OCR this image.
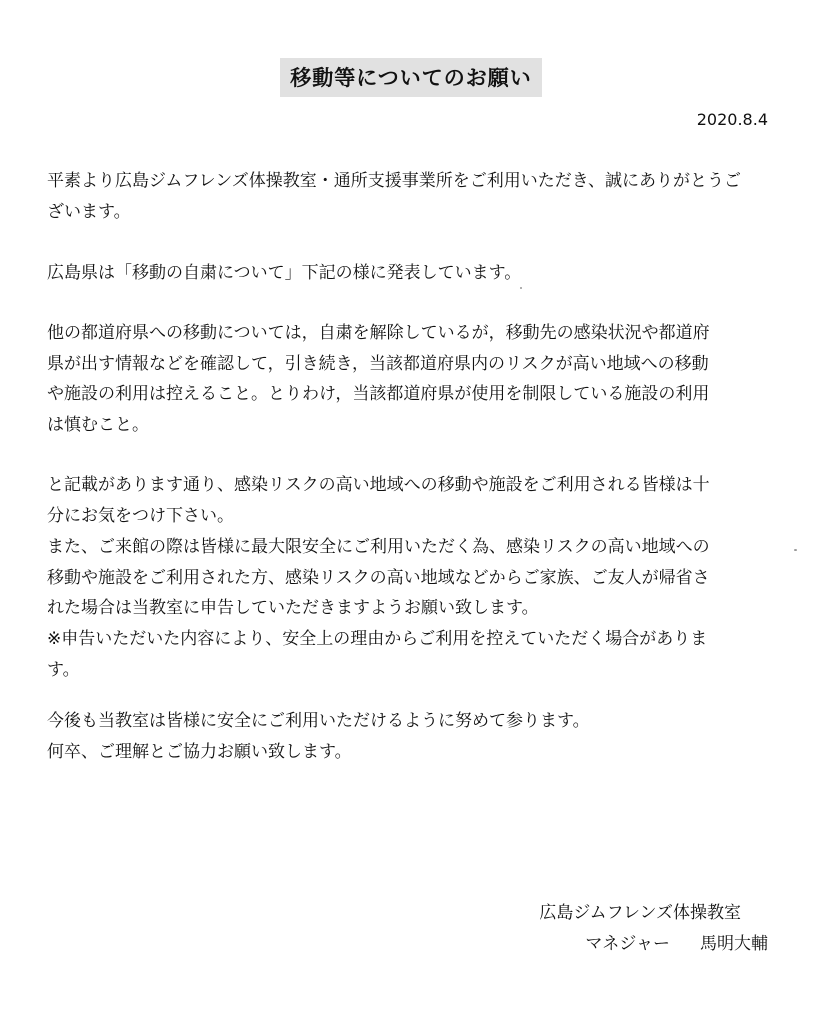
移動等についてのお願い
2020.8.4

平素より広島ジムフレンズ体操教室・通所支援事業所をご利用いただき、誠にありがとうご
ざいます。

広島県は「移動の自粛について」下記の様に発表しています。

他の都道府県への移動については，自粛を解除しているが，移動先の感染状況や都道府
県が出す情報などを確認して，引き続き，当該都道府県内のリスクが高い地域への移動
や施設の利用は控えること。とりわけ，当該都道府県が使用を制限している施設の利用
は慎むこと。

と記載があります通り、感染リスクの高い地域への移動や施設をご利用される皆様は十
分にお気をつけ下さい。

また、ご来館の際は皆様に最大限安全にご利用いただく為、感染リスクの高い地域への
移動や施設をご利用された方、感染リスクの高い地域などからご家族、ご友人が帰省さ
れた場合は当教室に申告していただきますようお願い致します。

※申告いただいた内容により、安全上の理由からご利用を控えていただく場合がありま
す。

今後も当教室は皆様に安全にご利用いただけるように努めて参ります。

何卒、ご理解とご協力お願い致します。

広島ジムフレンズ体操教室
マネジャー 馬明大輔
